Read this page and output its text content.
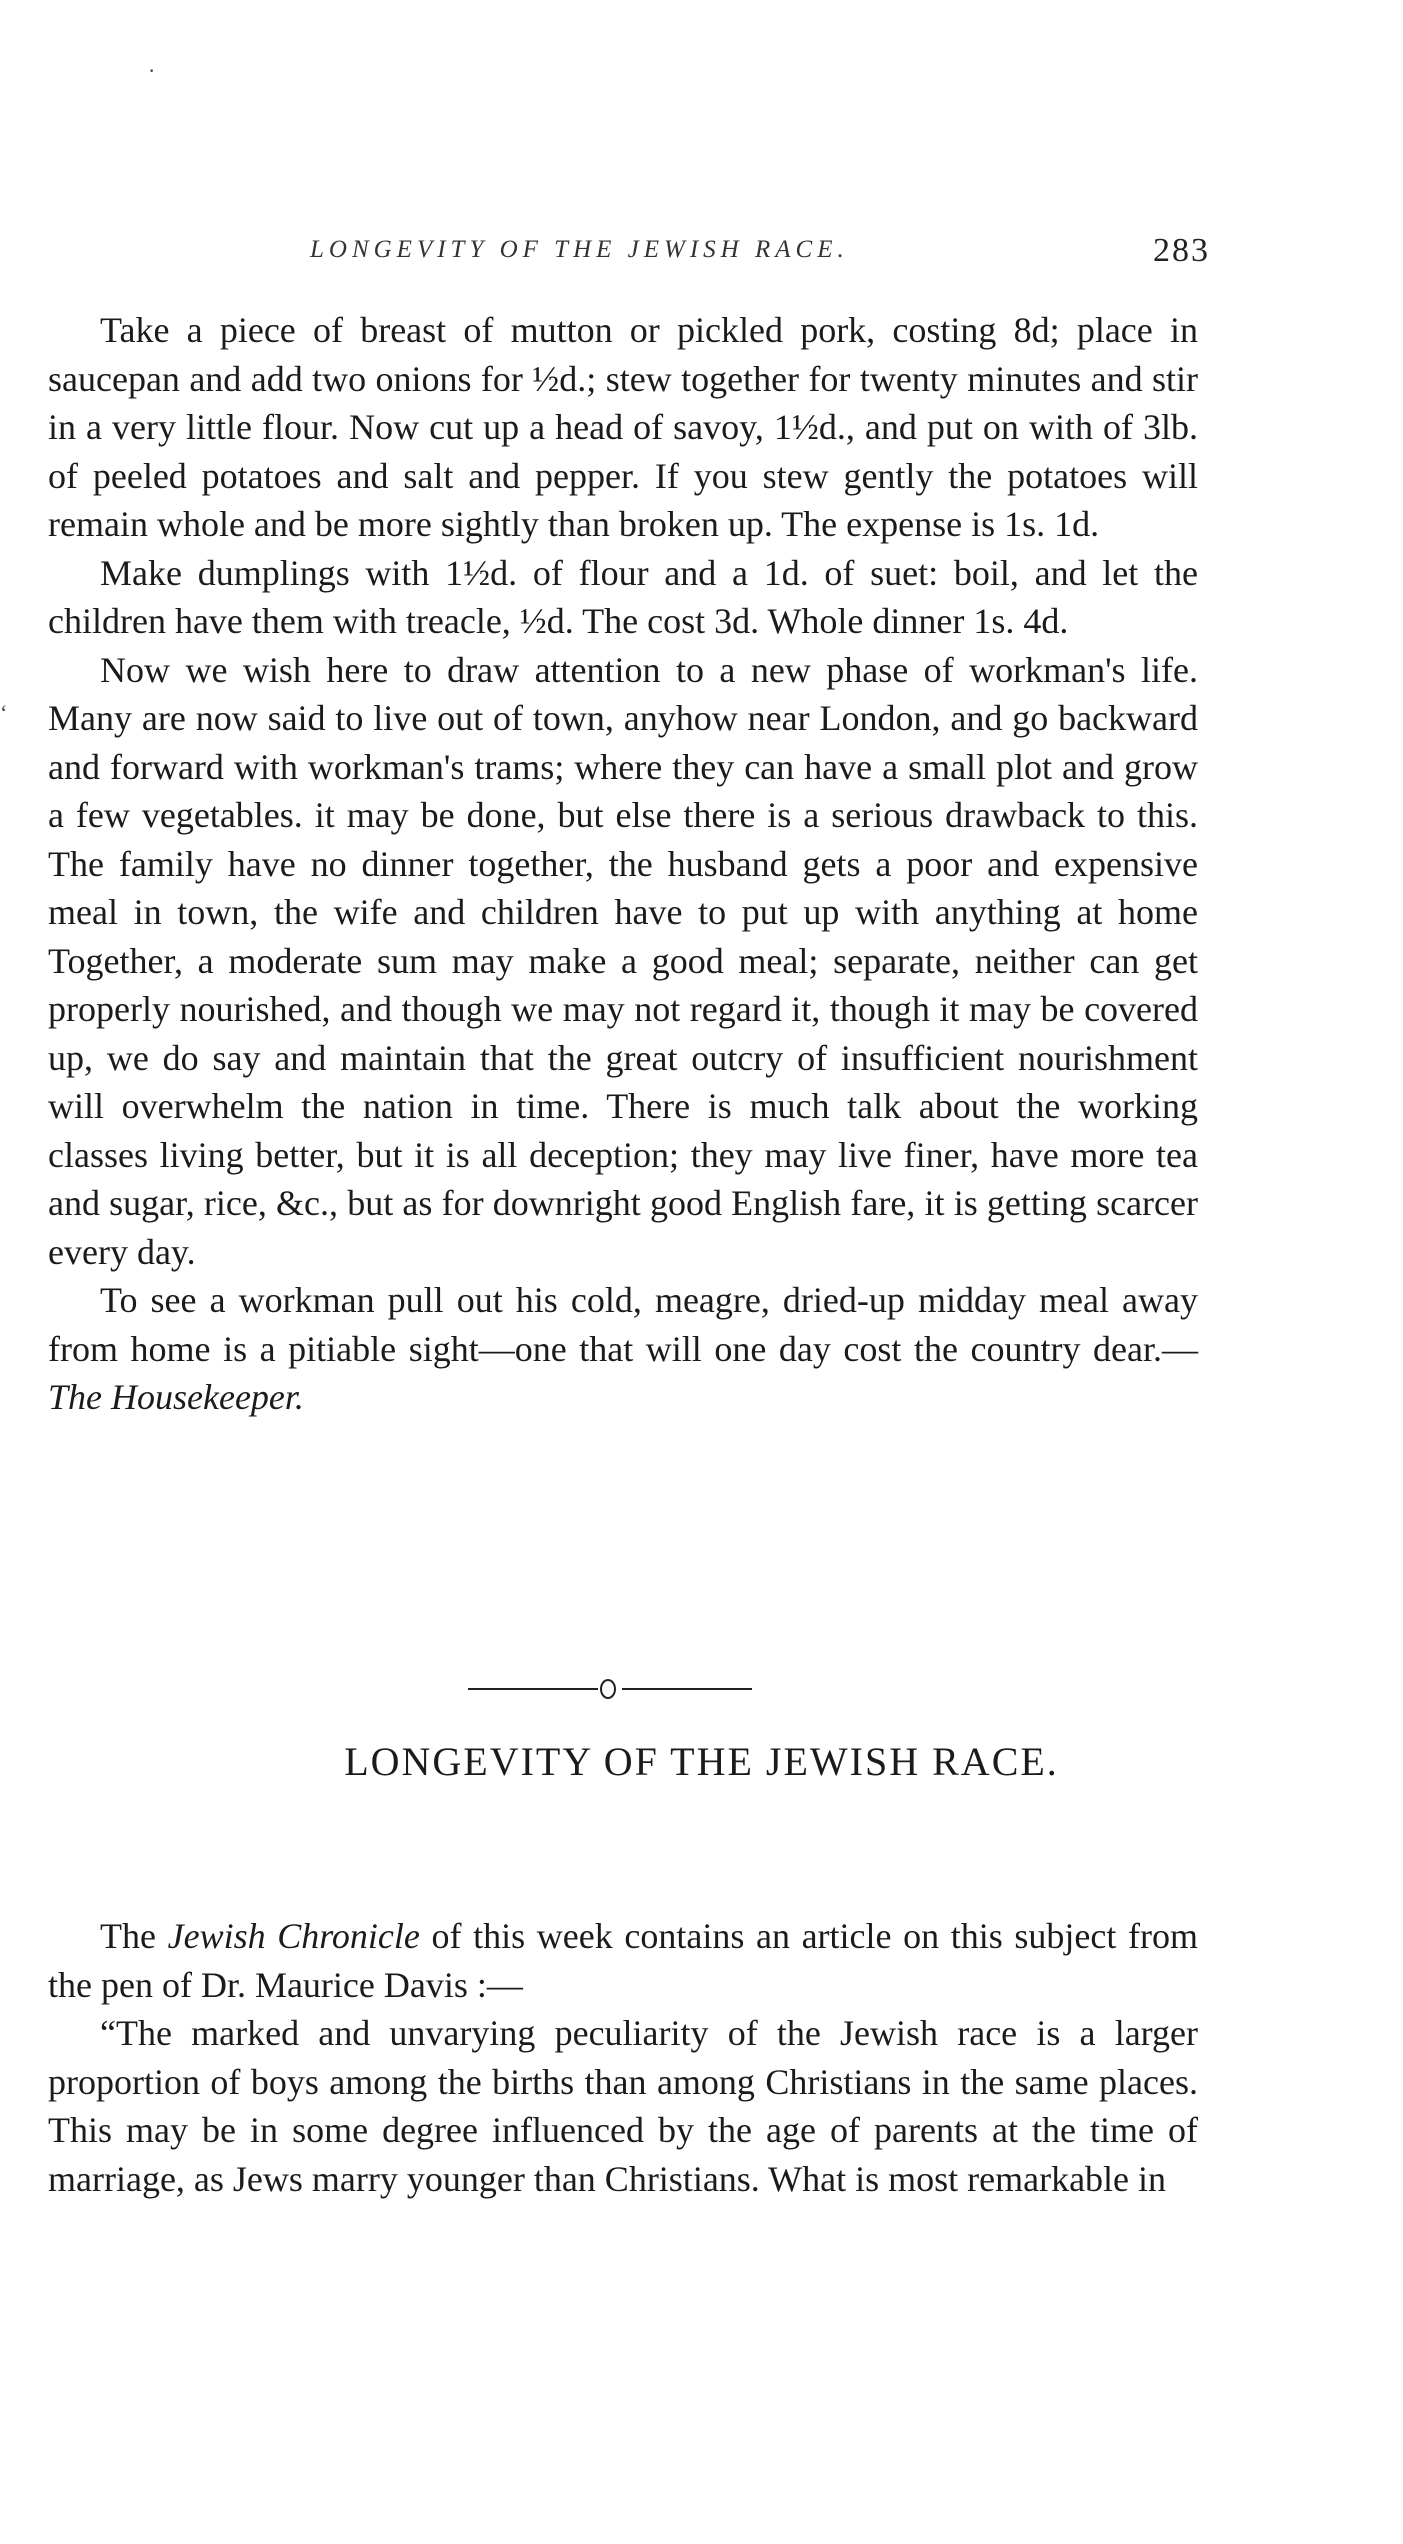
·
‘
LONGEVITY OF THE JEWISH RACE.	283

Take a piece of breast of mutton or pickled pork, costing 8d; place in saucepan and add two onions for ½d.; stew together for twenty minutes and stir in a very little flour. Now cut up a head of savoy, 1½d., and put on with of 3lb. of peeled potatoes and salt and pepper. If you stew gently the potatoes will remain whole and be more sightly than broken up. The expense is 1s. 1d.

Make dumplings with 1½d. of flour and a 1d. of suet: boil, and let the children have them with treacle, ½d. The cost 3d. Whole dinner 1s. 4d.

Now we wish here to draw attention to a new phase of workman's life. Many are now said to live out of town, anyhow near London, and go backward and forward with workman's trams; where they can have a small plot and grow a few vegetables. it may be done, but else there is a serious drawback to this. The family have no dinner together, the husband gets a poor and expensive meal in town, the wife and children have to put up with anything at home Together, a moderate sum may make a good meal; separate, neither can get properly nourished, and though we may not regard it, though it may be covered up, we do say and maintain that the great outcry of insufficient nourishment will overwhelm the nation in time. There is much talk about the working classes living better, but it is all deception; they may live finer, have more tea and sugar, rice, &c., but as for downright good English fare, it is getting scarcer every day.

To see a workman pull out his cold, meagre, dried-up midday meal away from home is a pitiable sight—one that will one day cost the country dear.—The Housekeeper.

LONGEVITY OF THE JEWISH RACE.

The Jewish Chronicle of this week contains an article on this subject from the pen of Dr. Maurice Davis :—

“The marked and unvarying peculiarity of the Jewish race is a larger proportion of boys among the births than among Christians in the same places. This may be in some degree influenced by the age of parents at the time of marriage, as Jews marry younger than Christians. What is most remarkable in
